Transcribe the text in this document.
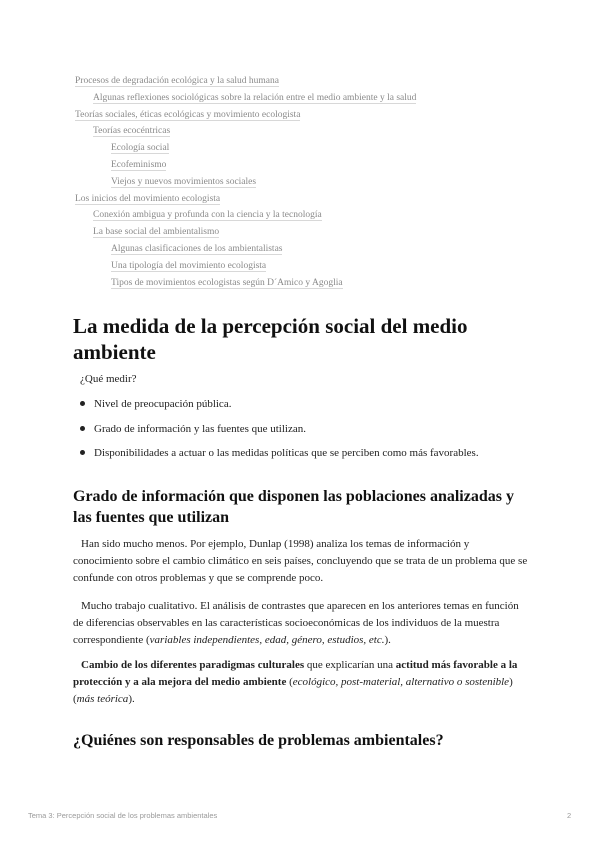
Procesos de degradación ecológica y la salud humana
Algunas reflexiones sociológicas sobre la relación entre el medio ambiente y la salud
Teorías sociales, éticas ecológicas y movimiento ecologista
Teorías ecocéntricas
Ecología social
Ecofeminismo
Viejos y nuevos movimientos sociales
Los inicios del movimiento ecologista
Conexión ambigua y profunda con la ciencia y la tecnología
La base social del ambientalismo
Algunas clasificaciones de los ambientalistas
Una tipología del movimiento ecologista
Tipos de movimientos ecologistas según D´Amico y Agoglia
La medida de la percepción social del medio ambiente

¿Qué medir?

Nivel de preocupación pública.
Grado de información y las fuentes que utilizan.
Disponibilidades a actuar o las medidas políticas que se perciben como más favorables.
Grado de información que disponen las poblaciones analizadas y las fuentes que utilizan

Han sido mucho menos. Por ejemplo, Dunlap (1998) analiza los temas de información y conocimiento sobre el cambio climático en seis países, concluyendo que se trata de un problema que se confunde con otros problemas y que se comprende poco.

Mucho trabajo cualitativo. El análisis de contrastes que aparecen en los anteriores temas en función de diferencias observables en las características socioeconómicas de los individuos de la muestra correspondiente (variables independientes, edad, género, estudios, etc.).

Cambio de los diferentes paradigmas culturales que explicarían una actitud más favorable a la protección y a ala mejora del medio ambiente (ecológico, post-material, alternativo o sostenible) (más teórica).

¿Quiénes son responsables de problemas ambientales?
Tema 3: Percepción social de los problemas ambientales	2
